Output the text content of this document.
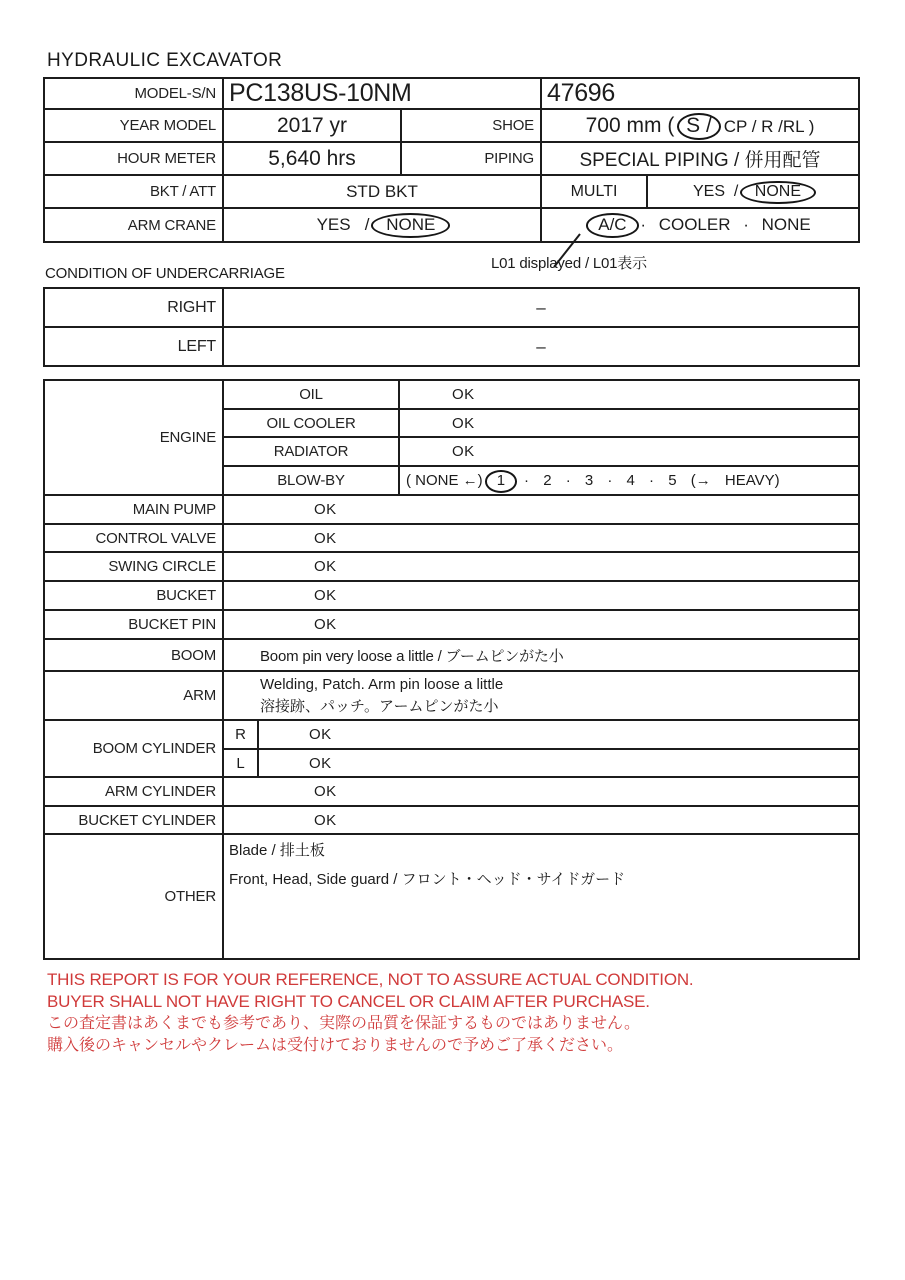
HYDRAULIC EXCAVATOR
MODEL-S/N	PC138US-10NM		47696	
YEAR MODEL	2017 yr	SHOE	700 mm ( S / CP / R /RL )	
HOUR METER	5,640 hrs	PIPING	SPECIAL PIPING / 併用配管	
BKT / ATT	STD BKT		MULTI	YES / NONE
ARM CRANE	YES / NONE		A/C · COOLER · NONE	
L01 displayed / L01表示
CONDITION OF UNDERCARRIAGE
RIGHT	–
LEFT	–
ENGINE	OIL		OK
	OIL COOLER		OK
	RADIATOR		OK
	BLOW-BY		( NONE ←) 1 · 2 · 3 · 4 · 5 (→ HEAVY)
MAIN PUMP	OK		
CONTROL VALVE	OK		
SWING CIRCLE	OK		
BUCKET	OK		
BUCKET PIN	OK		
BOOM	Boom pin very loose a little / ブームピンがた小		
ARM	Welding, Patch. Arm pin loose a little
溶接跡、パッチ。アームピンがた小		

BOOM CYLINDER	R	OK	
	L	OK	
ARM CYLINDER	OK		
BUCKET CYLINDER	OK		
OTHER	Blade / 排土板
Front, Head, Side guard / フロント・ヘッド・サイドガード		
THIS REPORT IS FOR YOUR REFERENCE, NOT TO ASSURE ACTUAL CONDITION.
BUYER SHALL NOT HAVE RIGHT TO CANCEL OR CLAIM AFTER PURCHASE.
この査定書はあくまでも参考であり、実際の品質を保証するものではありません。
購入後のキャンセルやクレームは受付けておりませんので予めご了承ください。
